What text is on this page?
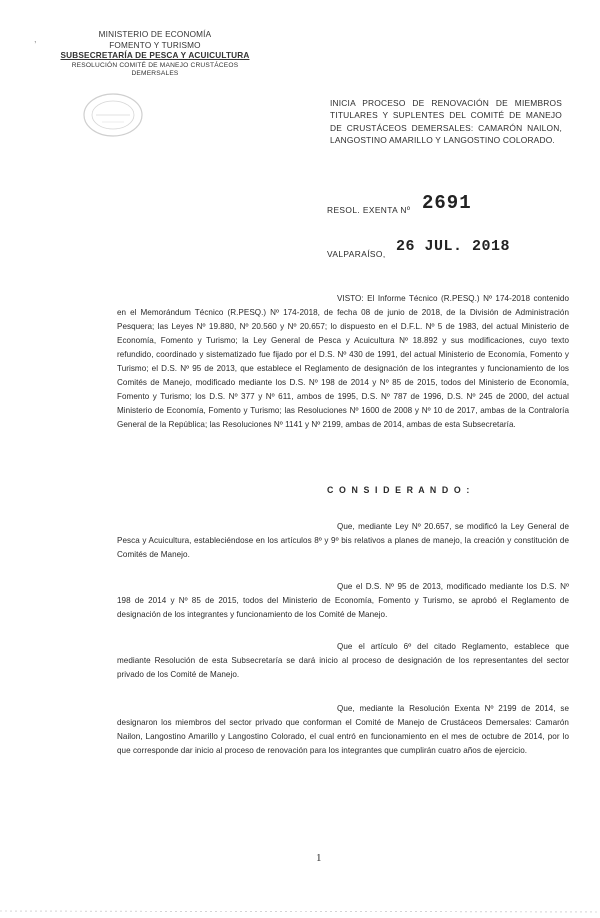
,	MINISTERIO DE ECONOMÍA
FOMENTO Y TURISMO
SUBSECRETARÍA DE PESCA Y ACUICULTURA
RESOLUCIÓN COMITÉ DE MANEJO CRUSTÁCEOS
DEMERSALES
INICIA PROCESO DE RENOVACIÓN DE MIEMBROS TITULARES Y SUPLENTES DEL COMITÉ DE MANEJO DE CRUSTÁCEOS DEMERSALES: CAMARÓN NAILON, LANGOSTINO AMARILLO Y LANGOSTINO COLORADO.
RESOL. EXENTA Nº 2691
VALPARAÍSO, 26 JUL. 2018
VISTO: El Informe Técnico (R.PESQ.) Nº 174-2018 contenido en el Memorándum Técnico (R.PESQ.) Nº 174-2018, de fecha 08 de junio de 2018, de la División de Administración Pesquera; las Leyes Nº 19.880, Nº 20.560 y Nº 20.657; lo dispuesto en el D.F.L. Nº 5 de 1983, del actual Ministerio de Economía, Fomento y Turismo; la Ley General de Pesca y Acuicultura Nº 18.892 y sus modificaciones, cuyo texto refundido, coordinado y sistematizado fue fijado por el D.S. Nº 430 de 1991, del actual Ministerio de Economía, Fomento y Turismo; el D.S. Nº 95 de 2013, que establece el Reglamento de designación de los integrantes y funcionamiento de los Comités de Manejo, modificado mediante los D.S. Nº 198 de 2014 y Nº 85 de 2015, todos del Ministerio de Economía, Fomento y Turismo; los D.S. Nº 377 y Nº 611, ambos de 1995, D.S. Nº 787 de 1996, D.S. Nº 245 de 2000, del actual Ministerio de Economía, Fomento y Turismo; las Resoluciones Nº 1600 de 2008 y Nº 10 de 2017, ambas de la Contraloría General de la República; las Resoluciones Nº 1141 y Nº 2199, ambas de 2014, ambas de esta Subsecretaría.
C O N S I D E R A N D O :
Que, mediante Ley Nº 20.657, se modificó la Ley General de Pesca y Acuicultura, estableciéndose en los artículos 8º y 9º bis relativos a planes de manejo, la creación y constitución de Comités de Manejo.
Que el D.S. Nº 95 de 2013, modificado mediante los D.S. Nº 198 de 2014 y Nº 85 de 2015, todos del Ministerio de Economía, Fomento y Turismo, se aprobó el Reglamento de designación de los integrantes y funcionamiento de los Comité de Manejo.
Que el artículo 6º del citado Reglamento, establece que mediante Resolución de esta Subsecretaría se dará inicio al proceso de designación de los representantes del sector privado de los Comité de Manejo.
Que, mediante la Resolución Exenta Nº 2199 de 2014, se designaron los miembros del sector privado que conforman el Comité de Manejo de Crustáceos Demersales: Camarón Nailon, Langostino Amarillo y Langostino Colorado, el cual entró en funcionamiento en el mes de octubre de 2014, por lo que corresponde dar inicio al proceso de renovación para los integrantes que cumplirán cuatro años de ejercicio.
1
